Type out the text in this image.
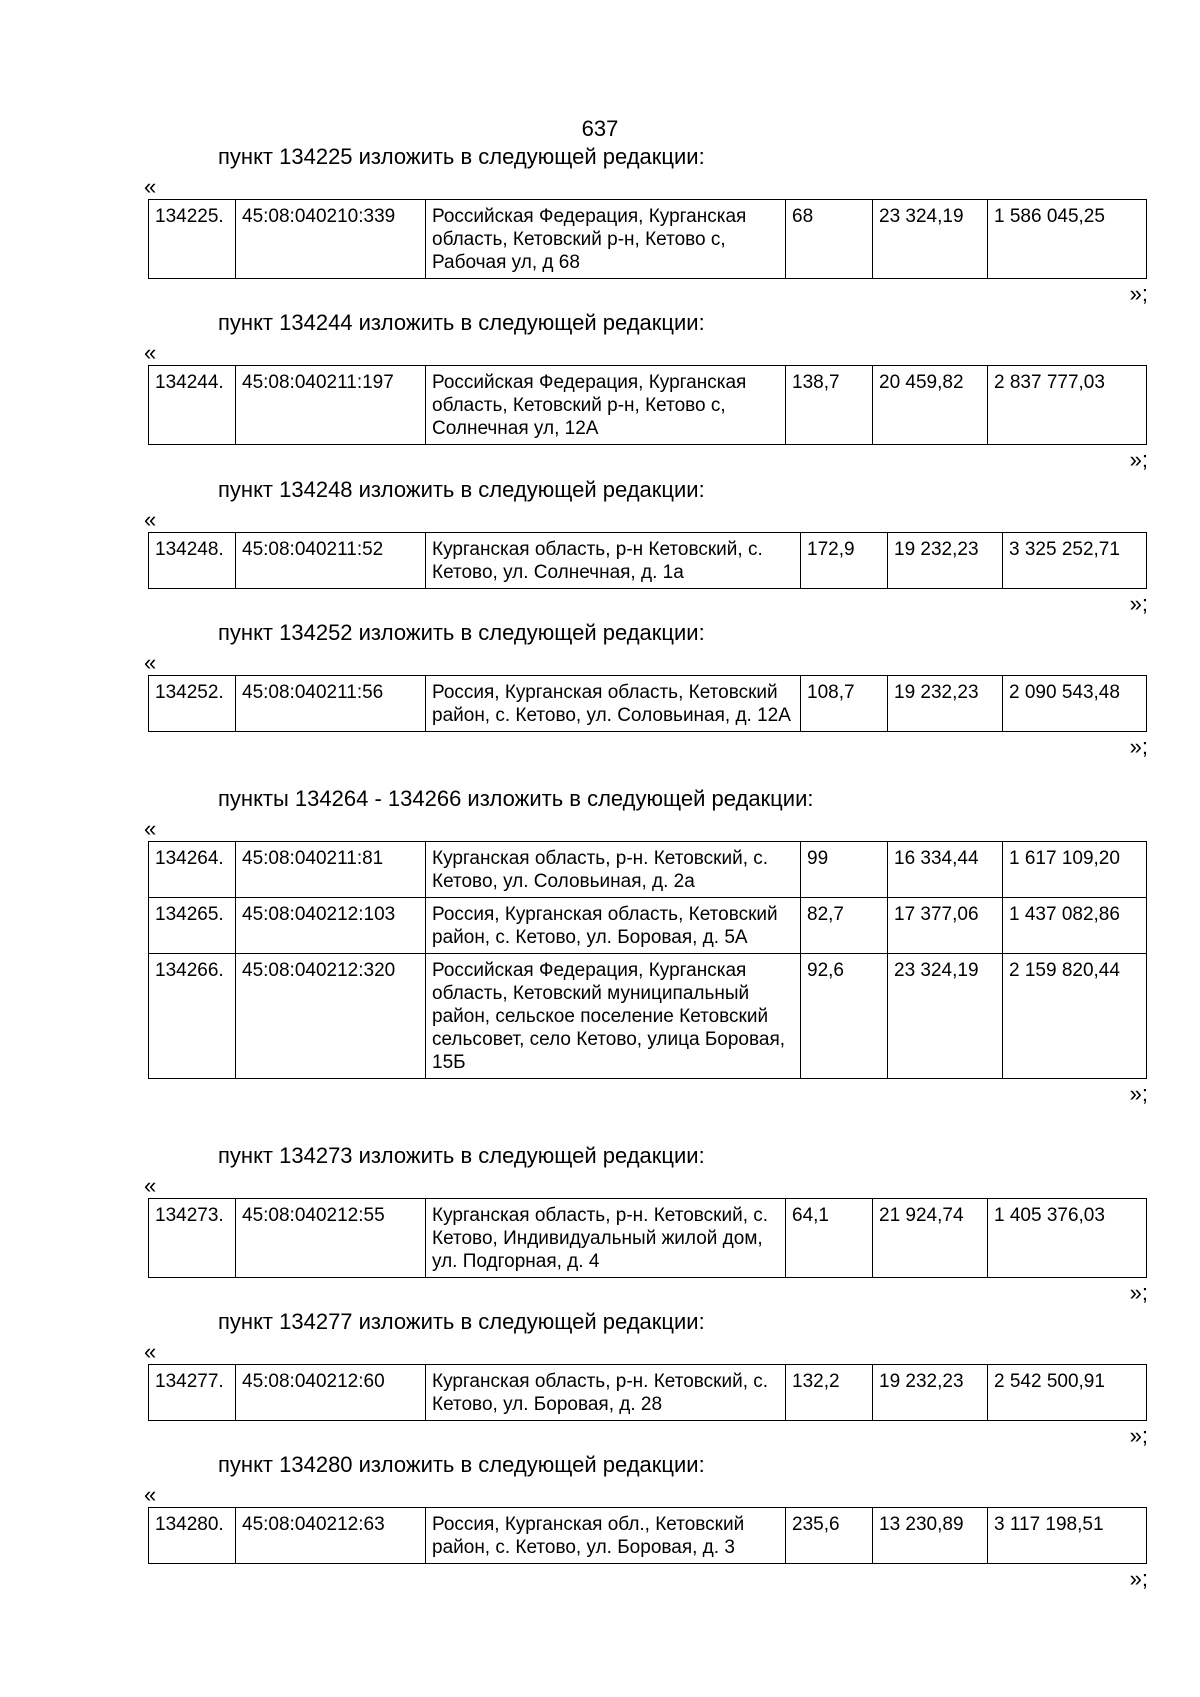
637
пункт 134225 изложить в следующей редакции:
«
134225.	45:08:040210:339	Российская Федерация, Курганская область, Кетовский р-н, Кетово с, Рабочая ул, д 68	68	23 324,19	1 586 045,25
»;
пункт 134244 изложить в следующей редакции:
«
134244.	45:08:040211:197	Российская Федерация, Курганская область, Кетовский р-н, Кетово с, Солнечная ул, 12А	138,7	20 459,82	2 837 777,03
»;
пункт 134248 изложить в следующей редакции:
«
134248.	45:08:040211:52	Курганская область, р-н Кетовский, с. Кетово, ул. Солнечная, д. 1а	172,9	19 232,23	3 325 252,71
»;
пункт 134252 изложить в следующей редакции:
«
134252.	45:08:040211:56	Россия, Курганская область, Кетовский район, с. Кетово, ул. Соловьиная, д. 12А	108,7	19 232,23	2 090 543,48
»;
пункты 134264 - 134266 изложить в следующей редакции:
«
134264.	45:08:040211:81	Курганская область, р-н. Кетовский, с. Кетово, ул. Соловьиная, д. 2а	99	16 334,44	1 617 109,20
134265.	45:08:040212:103	Россия, Курганская область, Кетовский район, с. Кетово, ул. Боровая, д. 5А	82,7	17 377,06	1 437 082,86
134266.	45:08:040212:320	Российская Федерация, Курганская область, Кетовский муниципальный район, сельское поселение Кетовский сельсовет, село Кетово, улица Боровая, 15Б	92,6	23 324,19	2 159 820,44
»;
пункт 134273 изложить в следующей редакции:
«
134273.	45:08:040212:55	Курганская область, р-н. Кетовский, с. Кетово, Индивидуальный жилой дом, ул. Подгорная, д. 4	64,1	21 924,74	1 405 376,03
»;
пункт 134277 изложить в следующей редакции:
«
134277.	45:08:040212:60	Курганская область, р-н. Кетовский, с. Кетово, ул. Боровая, д. 28	132,2	19 232,23	2 542 500,91
»;
пункт 134280 изложить в следующей редакции:
«
134280.	45:08:040212:63	Россия, Курганская обл., Кетовский район, с. Кетово, ул. Боровая, д. 3	235,6	13 230,89	3 117 198,51
»;
